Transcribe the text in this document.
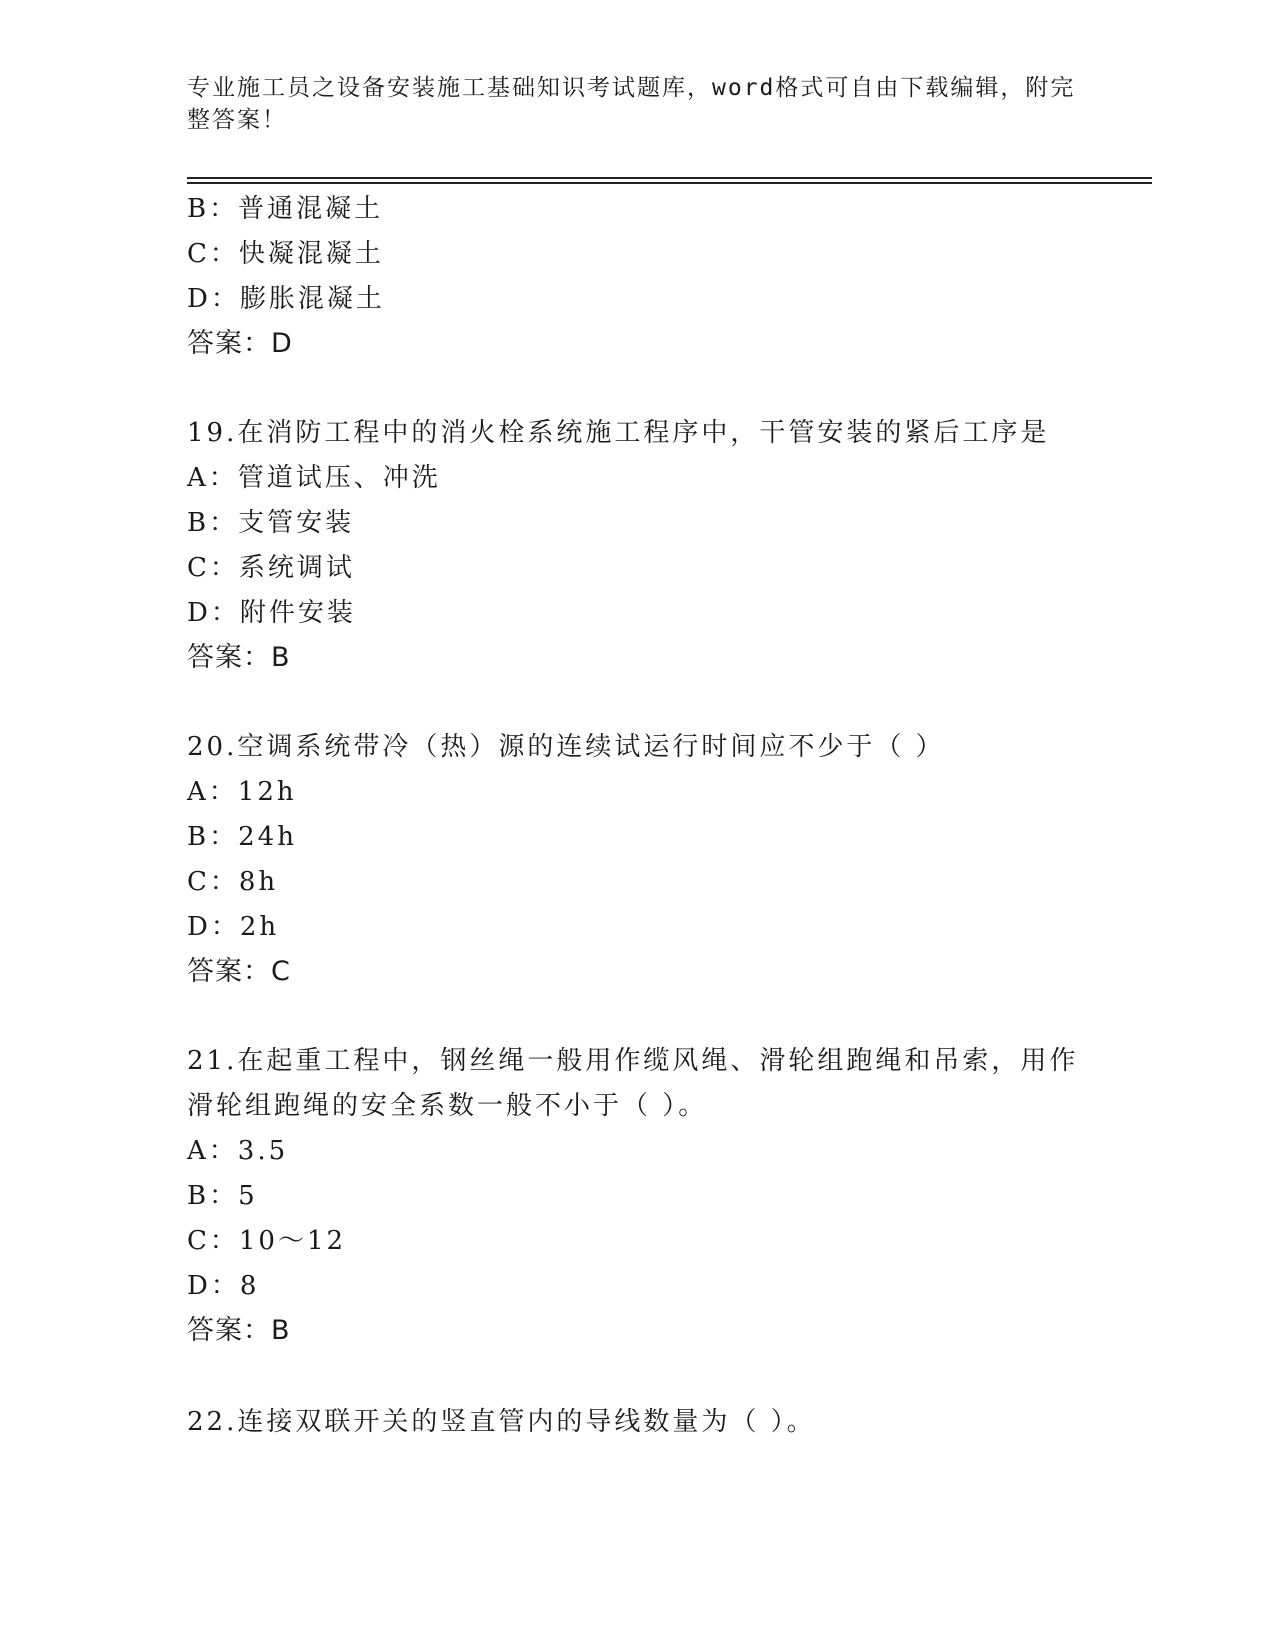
专业施工员之设备安装施工基础知识考试题库，word格式可自由下载编辑，附完整答案！
B：普通混凝土
C：快凝混凝土
D：膨胀混凝土
答案：D
19.在消防工程中的消火栓系统施工程序中，干管安装的紧后工序是
A：管道试压、冲洗
B：支管安装
C：系统调试
D：附件安装
答案：B
20.空调系统带冷（热）源的连续试运行时间应不少于（ ）
A：12h
B：24h
C：8h
D：2h
答案：C
21.在起重工程中，钢丝绳一般用作缆风绳、滑轮组跑绳和吊索，用作
滑轮组跑绳的安全系数一般不小于（ ）。
A：3.5
B：5
C：10～12
D：8
答案：B
22.连接双联开关的竖直管内的导线数量为（ ）。
